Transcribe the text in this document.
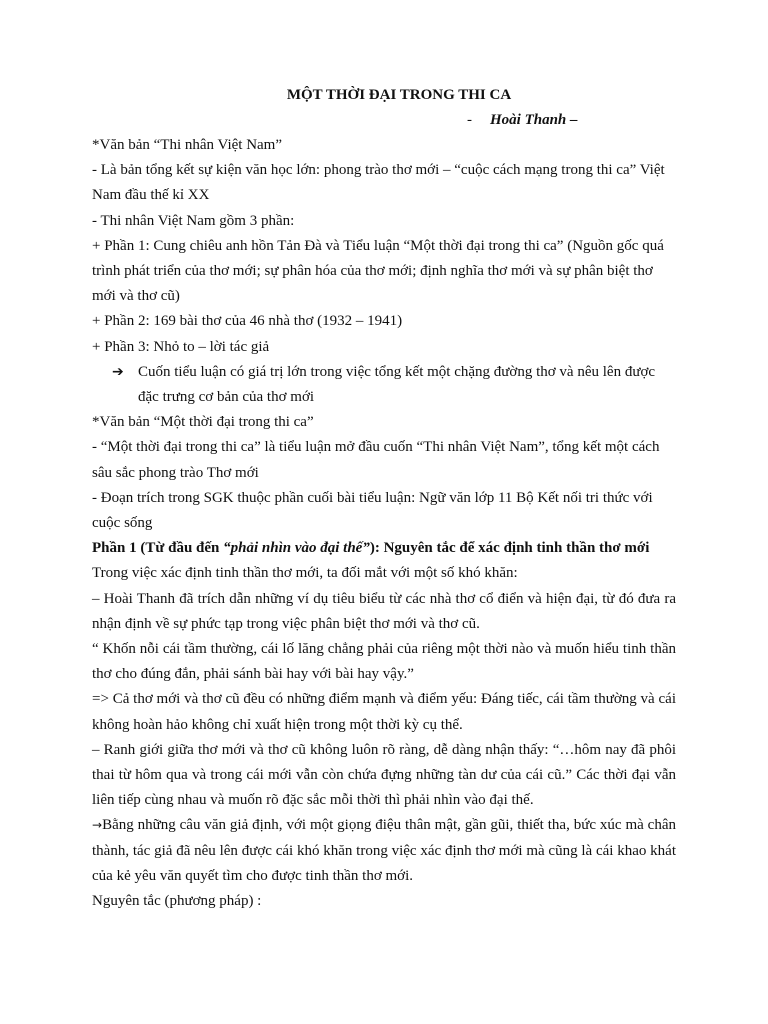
MỘT THỜI ĐẠI TRONG THI CA

- Hoài Thanh –

*Văn bản “Thi nhân Việt Nam”

- Là bản tổng kết sự kiện văn học lớn: phong trào thơ mới – “cuộc cách mạng trong thi ca” Việt Nam đầu thế kỉ XX

- Thi nhân Việt Nam gồm 3 phần:

+ Phần 1: Cung chiêu anh hồn Tản Đà và Tiểu luận “Một thời đại trong thi ca” (Nguồn gốc quá trình phát triển của thơ mới; sự phân hóa của thơ mới; định nghĩa thơ mới và sự phân biệt thơ mới và thơ cũ)

+ Phần 2: 169 bài thơ của 46 nhà thơ (1932 – 1941)

+ Phần 3: Nhỏ to – lời tác giả

➔ Cuốn tiểu luận có giá trị lớn trong việc tổng kết một chặng đường thơ và nêu lên được đặc trưng cơ bản của thơ mới

*Văn bản “Một thời đại trong thi ca”

- “Một thời đại trong thi ca” là tiểu luận mở đầu cuốn “Thi nhân Việt Nam”, tổng kết một cách sâu sắc phong trào Thơ mới

- Đoạn trích trong SGK thuộc phần cuối bài tiểu luận: Ngữ văn lớp 11 Bộ Kết nối tri thức với cuộc sống

Phần 1 (Từ đầu đến “phải nhìn vào đại thế”): Nguyên tắc để xác định tinh thần thơ mới

Trong việc xác định tinh thần thơ mới, ta đối mắt với một số khó khăn:

– Hoài Thanh đã trích dẫn những ví dụ tiêu biểu từ các nhà thơ cổ điển và hiện đại, từ đó đưa ra nhận định về sự phức tạp trong việc phân biệt thơ mới và thơ cũ.

“ Khốn nỗi cái tầm thường, cái lố lăng chẳng phải của riêng một thời nào và muốn hiểu tinh thần thơ cho đúng đắn, phải sánh bài hay với bài hay vậy.”

=> Cả thơ mới và thơ cũ đều có những điểm mạnh và điểm yếu: Đáng tiếc, cái tầm thường và cái không hoàn hảo không chỉ xuất hiện trong một thời kỳ cụ thể.

– Ranh giới giữa thơ mới và thơ cũ không luôn rõ ràng, dễ dàng nhận thấy: “…hôm nay đã phôi thai từ hôm qua và trong cái mới vẫn còn chứa đựng những tàn dư của cái cũ.” Các thời đại vẫn liên tiếp cùng nhau và muốn rõ đặc sắc mỗi thời thì phải nhìn vào đại thế.

→Bằng những câu văn giả định, với một giọng điệu thân mật, gần gũi, thiết tha, bức xúc mà chân thành, tác giả đã nêu lên được cái khó khăn trong việc xác định thơ mới mà cũng là cái khao khát của kẻ yêu văn quyết tìm cho được tinh thần thơ mới.

Nguyên tắc (phương pháp) :
